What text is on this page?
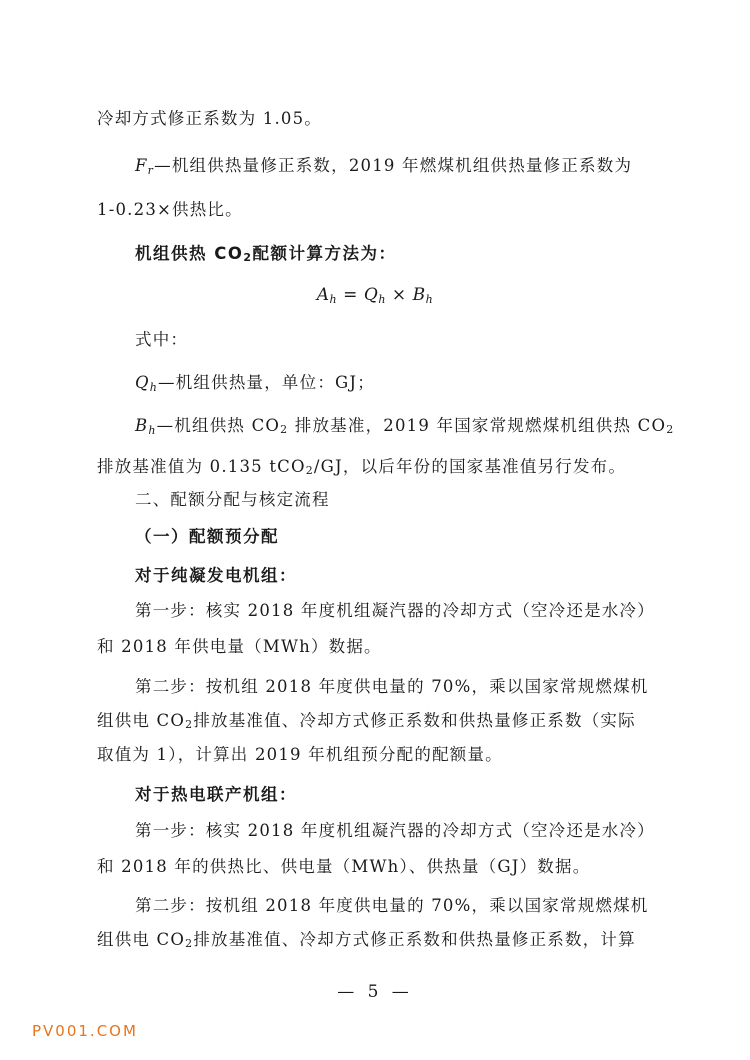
冷却方式修正系数为 1.05。
$F_r—$机组供热量修正系数，2019 年燃煤机组供热量修正系数为
1-0.23×供热比。
机组供热 CO2配额计算方法为：
$A_h = Q_h \times B_h$
式中：
$Q_h—$机组供热量，单位：GJ；
$B_h—$机组供热 CO2 排放基准，2019 年国家常规燃煤机组供热 CO2
排放基准值为 0.135 tCO2/GJ，以后年份的国家基准值另行发布。
二、配额分配与核定流程
（一）配额预分配
对于纯凝发电机组：
第一步：核实 2018 年度机组凝汽器的冷却方式（空冷还是水冷）
和 2018 年供电量（MWh）数据。
第二步：按机组 2018 年度供电量的 70%，乘以国家常规燃煤机
组供电 CO2排放基准值、冷却方式修正系数和供热量修正系数（实际
取值为 1），计算出 2019 年机组预分配的配额量。
对于热电联产机组：
第一步：核实 2018 年度机组凝汽器的冷却方式（空冷还是水冷）
和 2018 年的供热比、供电量（MWh）、供热量（GJ）数据。
第二步：按机组 2018 年度供电量的 70%，乘以国家常规燃煤机
组供电 CO2排放基准值、冷却方式修正系数和供热量修正系数，计算
— 5 —
PV001.COM
